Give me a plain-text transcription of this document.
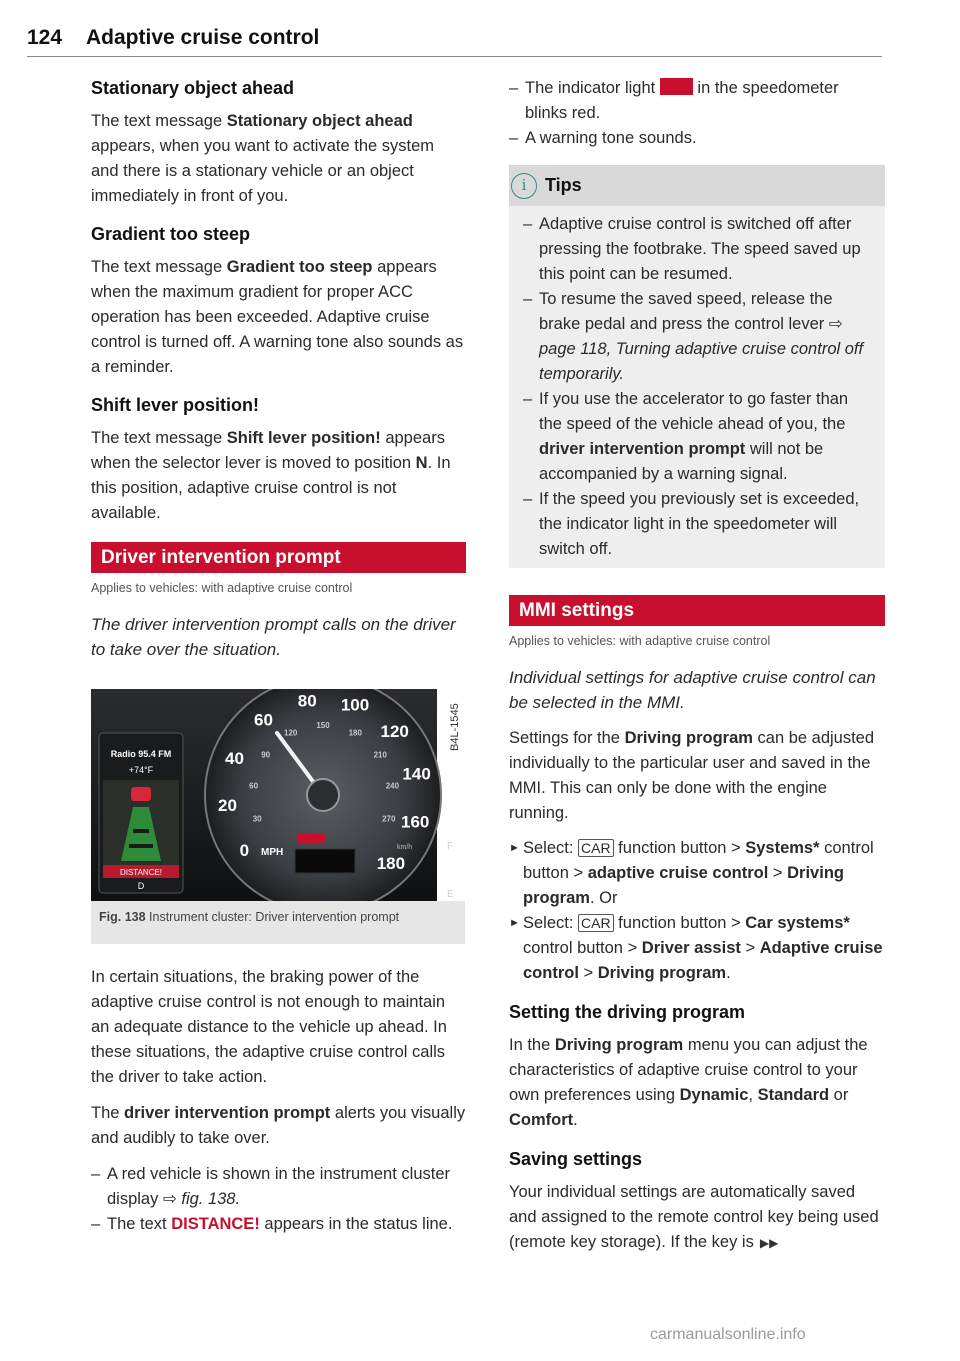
124 Adaptive cruise control
Stationary object ahead

The text message Stationary object ahead appears, when you want to activate the system and there is a stationary vehicle or an object immediately in front of you.

Gradient too steep

The text message Gradient too steep appears when the maximum gradient for proper ACC operation has been exceeded. Adaptive cruise control is turned off. A warning tone also sounds as a reminder.

Shift lever position!

The text message Shift lever position! appears when the selector lever is moved to position N. In this position, adaptive cruise control is not available.

Driver intervention prompt
Applies to vehicles: with adaptive cruise control

The driver intervention prompt calls on the driver to take over the situation.

B4L-1545
Radio 95.4 FM
+74°F
DISTANCE!
D
0
20
40
60
80 100
120
140
160
180
30
60
90
120
150
180
210
240
270
MPH	km/h	F
E
Fig. 138 Instrument cluster: Driver intervention prompt

In certain situations, the braking power of the adaptive cruise control is not enough to maintain an adequate distance to the vehicle up ahead. In these situations, the adaptive cruise control calls the driver to take action.

The driver intervention prompt alerts you visually and audibly to take over.

– A red vehicle is shown in the instrument cluster display ⇨ fig. 138.
– The text DISTANCE! appears in the status line.
– The indicator light  in the speedometer blinks red.
– A warning tone sounds.
i Tips
– Adaptive cruise control is switched off after pressing the footbrake. The speed saved up this point can be resumed.
– To resume the saved speed, release the brake pedal and press the control lever ⇨ page 118, Turning adaptive cruise control off temporarily.
– If you use the accelerator to go faster than the speed of the vehicle ahead of you, the driver intervention prompt will not be accompanied by a warning signal.
– If the speed you previously set is exceeded, the indicator light in the speedometer will switch off.
MMI settings
Applies to vehicles: with adaptive cruise control

Individual settings for adaptive cruise control can be selected in the MMI.

Settings for the Driving program can be adjusted individually to the particular user and saved in the MMI. This can only be done with the engine running.

► Select: CAR function button > Systems* control button > adaptive cruise control > Driving program. Or
► Select: CAR function button > Car systems* control button > Driver assist > Adaptive cruise control > Driving program.
Setting the driving program

In the Driving program menu you can adjust the characteristics of adaptive cruise control to your own preferences using Dynamic, Standard or Comfort.

Saving settings

Your individual settings are automatically saved and assigned to the remote control key being used (remote key storage). If the key is ▶▶

carmanualsonline.info
